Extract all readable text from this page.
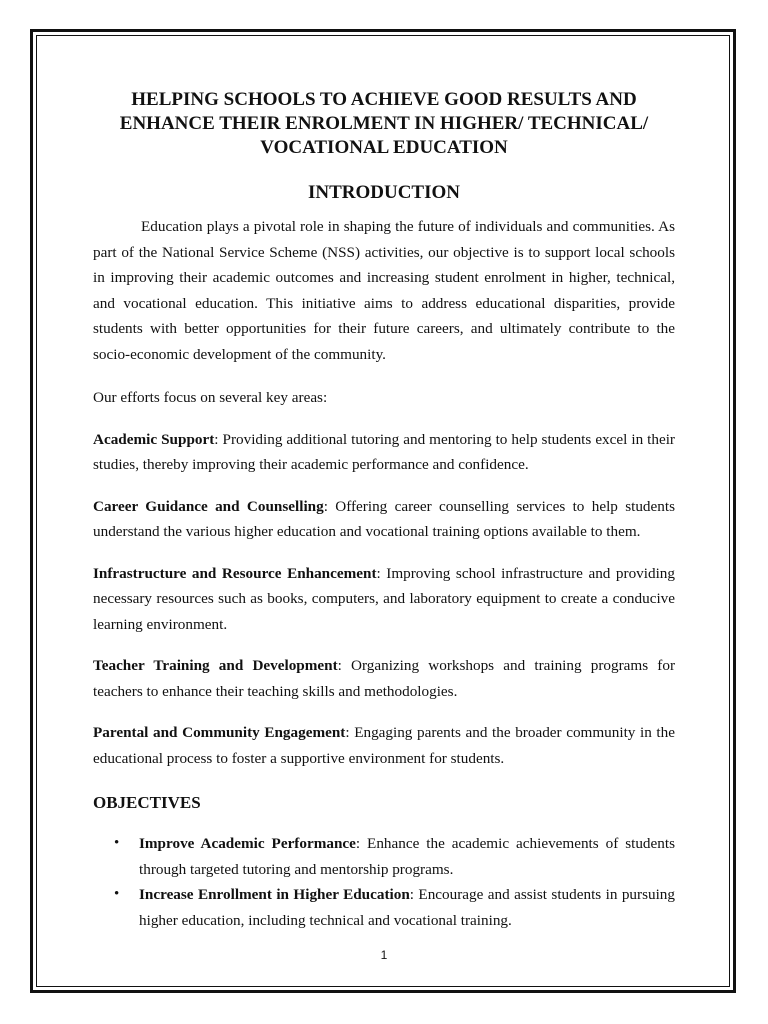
HELPING SCHOOLS TO ACHIEVE GOOD RESULTS AND
ENHANCE THEIR ENROLMENT IN HIGHER/ TECHNICAL/
VOCATIONAL EDUCATION
INTRODUCTION

Education plays a pivotal role in shaping the future of individuals and communities. As part of the National Service Scheme (NSS) activities, our objective is to support local schools in improving their academic outcomes and increasing student enrolment in higher, technical, and vocational education. This initiative aims to address educational disparities, provide students with better opportunities for their future careers, and ultimately contribute to the socio-economic development of the community.

Our efforts focus on several key areas:

Academic Support: Providing additional tutoring and mentoring to help students excel in their studies, thereby improving their academic performance and confidence.

Career Guidance and Counselling: Offering career counselling services to help students understand the various higher education and vocational training options available to them.

Infrastructure and Resource Enhancement: Improving school infrastructure and providing necessary resources such as books, computers, and laboratory equipment to create a conducive learning environment.

Teacher Training and Development: Organizing workshops and training programs for teachers to enhance their teaching skills and methodologies.

Parental and Community Engagement: Engaging parents and the broader community in the educational process to foster a supportive environment for students.

OBJECTIVES
• Improve Academic Performance: Enhance the academic achievements of students through targeted tutoring and mentorship programs.
• Increase Enrollment in Higher Education: Encourage and assist students in pursuing higher education, including technical and vocational training.
1
